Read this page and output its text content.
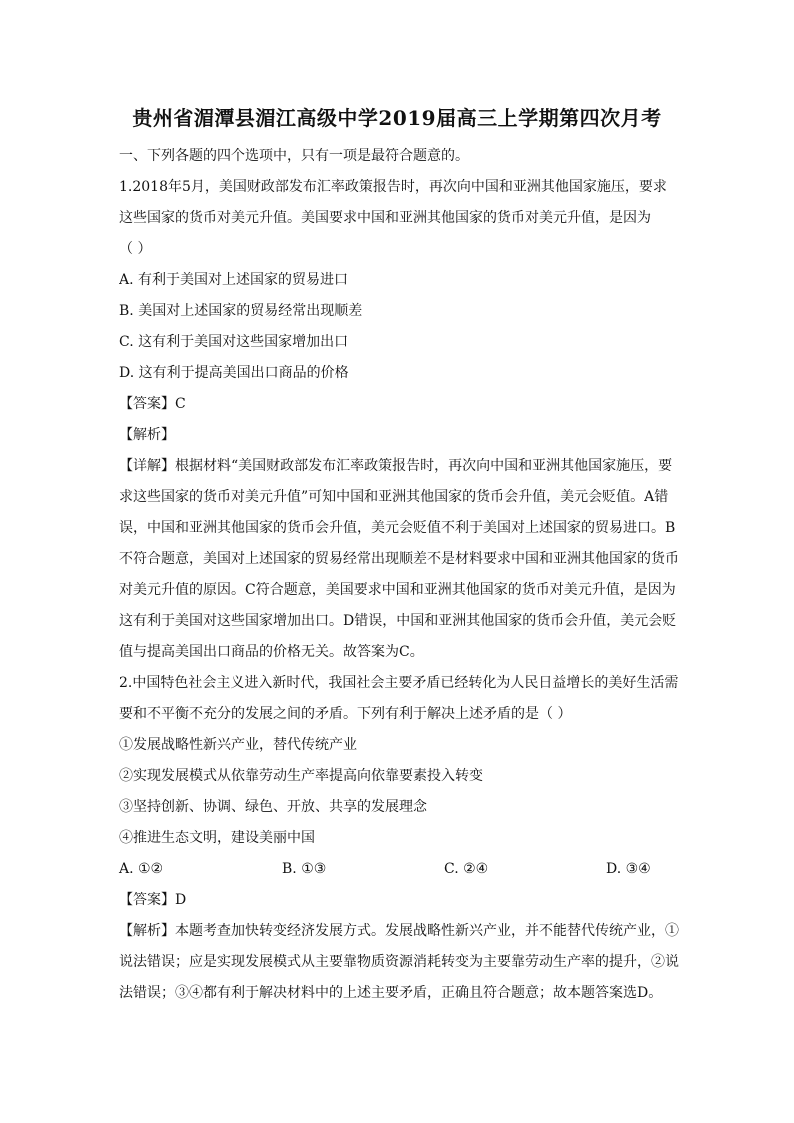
贵州省湄潭县湄江高级中学2019届高三上学期第四次月考
一、下列各题的四个选项中，只有一项是最符合题意的。
1.2018年5月，美国财政部发布汇率政策报告时，再次向中国和亚洲其他国家施压，要求
这些国家的货币对美元升值。美国要求中国和亚洲其他国家的货币对美元升值，是因为
（ ）
A. 有利于美国对上述国家的贸易进口
B. 美国对上述国家的贸易经常出现顺差
C. 这有利于美国对这些国家增加出口
D. 这有利于提高美国出口商品的价格
【答案】C
【解析】
【详解】根据材料“美国财政部发布汇率政策报告时，再次向中国和亚洲其他国家施压，要
求这些国家的货币对美元升值”可知中国和亚洲其他国家的货币会升值，美元会贬值。A错
误，中国和亚洲其他国家的货币会升值，美元会贬值不利于美国对上述国家的贸易进口。B
不符合题意，美国对上述国家的贸易经常出现顺差不是材料要求中国和亚洲其他国家的货币
对美元升值的原因。C符合题意，美国要求中国和亚洲其他国家的货币对美元升值，是因为
这有利于美国对这些国家增加出口。D错误，中国和亚洲其他国家的货币会升值，美元会贬
值与提高美国出口商品的价格无关。故答案为C。
2.中国特色社会主义进入新时代，我国社会主要矛盾已经转化为人民日益增长的美好生活需
要和不平衡不充分的发展之间的矛盾。下列有利于解决上述矛盾的是（ ）
①发展战略性新兴产业，替代传统产业
②实现发展模式从依靠劳动生产率提高向依靠要素投入转变
③坚持创新、协调、绿色、开放、共享的发展理念
④推进生态文明，建设美丽中国
A. ①②	B. ①③	C. ②④	D. ③④
【答案】D
【解析】本题考查加快转变经济发展方式。发展战略性新兴产业，并不能替代传统产业，①
说法错误；应是实现发展模式从主要靠物质资源消耗转变为主要靠劳动生产率的提升，②说
法错误；③④都有利于解决材料中的上述主要矛盾，正确且符合题意；故本题答案选D。
